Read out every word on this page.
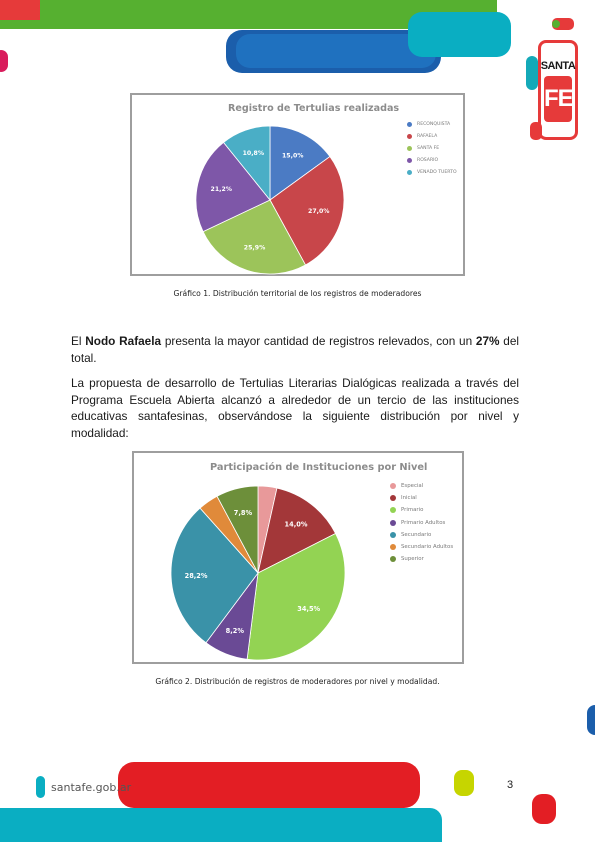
SANTA
FE
Registro de Tertulias realizadas
15,0%
27,0%
25,9%
21,2%
10,8%
RECONQUISTA
RAFAELA
SANTA FE
ROSARIO
VENADO TUERTO
Gráfico 1. Distribución territorial de los registros de moderadores
El Nodo Rafaela presenta la mayor cantidad de registros relevados, con un 27% del total.
La propuesta de desarrollo de Tertulias Literarias Dialógicas realizada a través del Programa Escuela Abierta alcanzó a alrededor de un tercio de las instituciones educativas santafesinas, observándose la siguiente distribución por nivel y modalidad:
Participación de Instituciones por Nivel
14,0%
34,5%
8,2%
28,2%
7,8%
Especial
Inicial
Primario
Primario Adultos
Secundario
Secundario Adultos
Superior
Gráfico 2. Distribución de registros de moderadores por nivel y modalidad.
santafe.gob.ar	3
